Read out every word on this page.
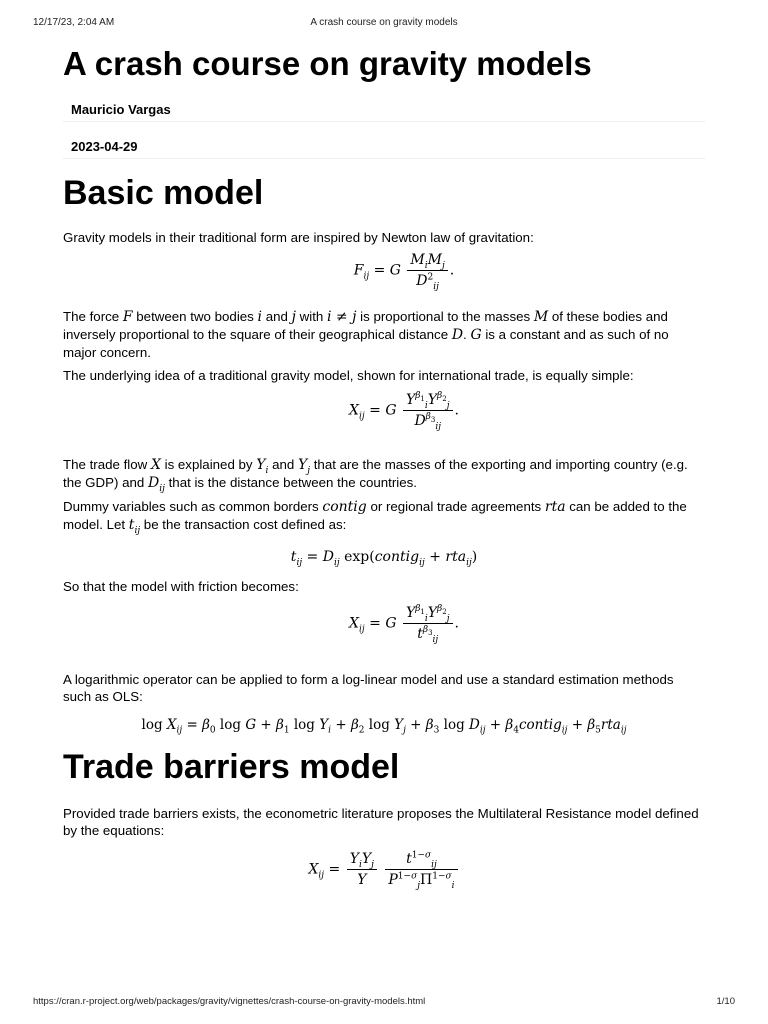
12/17/23, 2:04 AM	A crash course on gravity models
A crash course on gravity models
Mauricio Vargas
2023-04-29
Basic model

Gravity models in their traditional form are inspired by Newton law of gravitation:

$F_{ij} = G \frac{M_iM_j}{D^2_{ij}}$ .

The force F between two bodies i and j with i ≠ j is proportional to the masses M of these bodies and inversely proportional to the square of their geographical distance D. G is a constant and as such of no major concern.

The underlying idea of a traditional gravity model, shown for international trade, is equally simple:

$X_{ij} = G \frac{Y^{\beta_1}_iY^{\beta_2}_j}{D^{\beta_3}_{ij}}$ .

The trade flow X is explained by $Y_i$ and $Y_j$ that are the masses of the exporting and importing country (e.g. the GDP) and $D_{ij}$ that is the distance between the countries.

Dummy variables such as common borders contig or regional trade agreements rta can be added to the model. Let $t_{ij}$ be the transaction cost defined as:

$t_{ij} = D_{ij}$ exp(contig$_{ij}$ + rta$_{ij}$)

So that the model with friction becomes:

$X_{ij} = G \frac{Y^{\beta_1}_iY^{\beta_2}_j}{t^{\beta_3}_{ij}}$ .

A logarithmic operator can be applied to form a log-linear model and use a standard estimation methods such as OLS:

$\log X_{ij} = \beta_0$ $\log G + \beta_1$ $\log Y_i + \beta_2$ $\log Y_j + \beta_3$ $\log D_{ij}$ + $\beta_4contig_{ij} + \beta_5rta_{ij}$
Trade barriers model

Provided trade barriers exists, the econometric literature proposes the Multilateral Resistance model defined by the equations:

$X_{ij} = \frac{Y_iY_j}{Y}$
$\frac{t^{1-\sigma}_{ij}}{P^{1-\sigma}_j\Pi^{1-\sigma}_i}$
https://cran.r-project.org/web/packages/gravity/vignettes/crash-course-on-gravity-models.html	1/10
